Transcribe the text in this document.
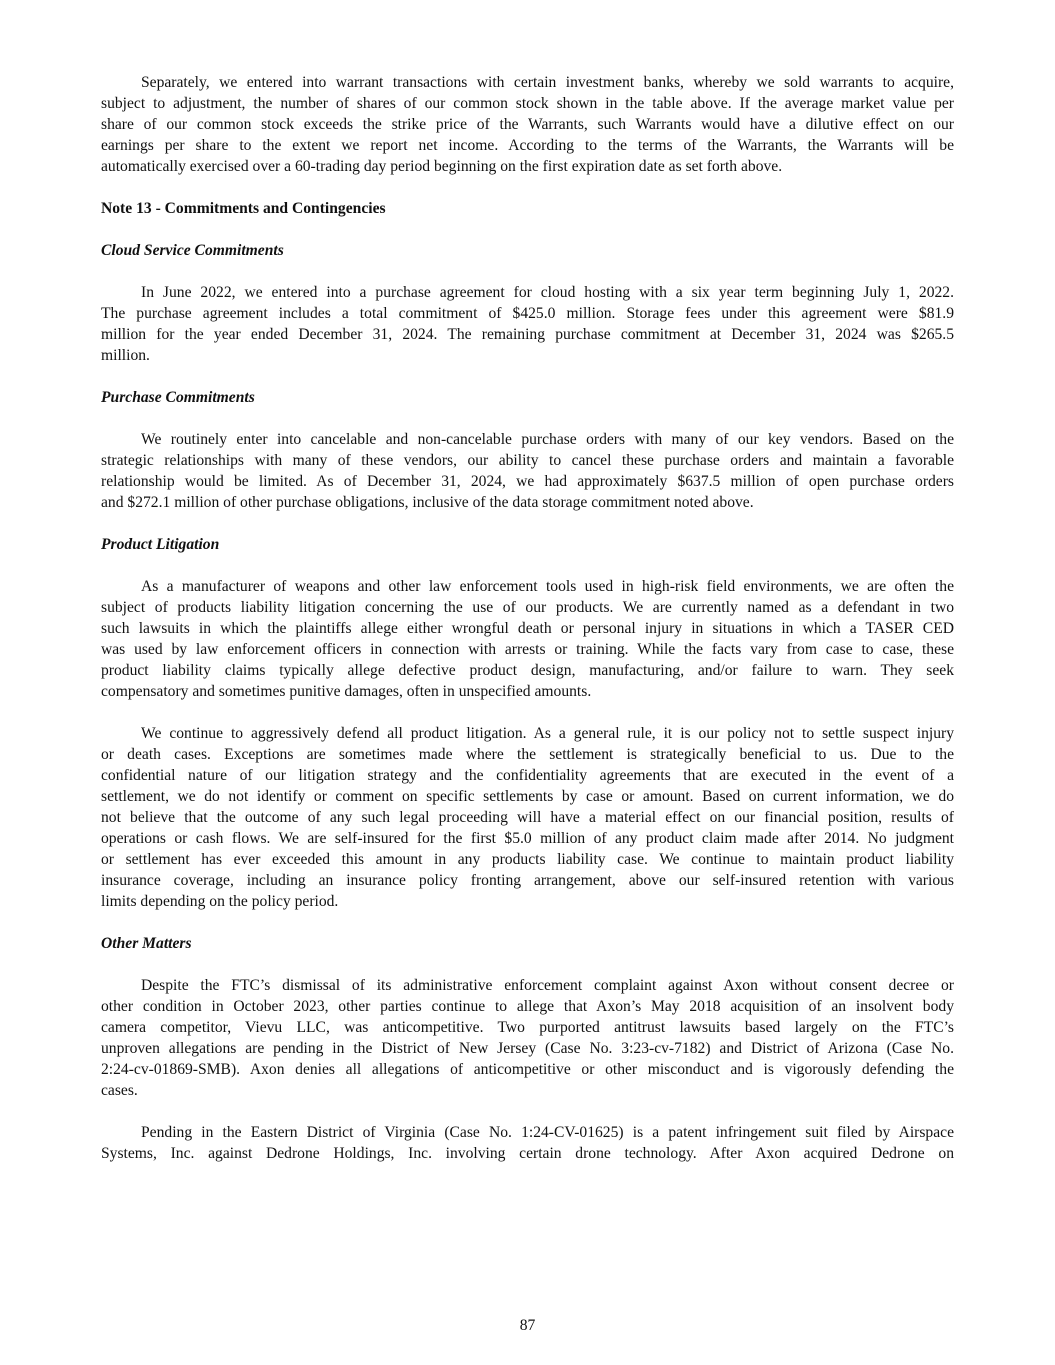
Separately, we entered into warrant transactions with certain investment banks, whereby we sold warrants to acquire,
subject to adjustment, the number of shares of our common stock shown in the table above. If the average market value per
share of our common stock exceeds the strike price of the Warrants, such Warrants would have a dilutive effect on our
earnings per share to the extent we report net income. According to the terms of the Warrants, the Warrants will be
automatically exercised over a 60-trading day period beginning on the first expiration date as set forth above.
Note 13 - Commitments and Contingencies
Cloud Service Commitments
In June 2022, we entered into a purchase agreement for cloud hosting with a six year term beginning July 1, 2022.
The purchase agreement includes a total commitment of $425.0 million. Storage fees under this agreement were $81.9
million for the year ended December 31, 2024. The remaining purchase commitment at December 31, 2024 was $265.5
million.
Purchase Commitments
We routinely enter into cancelable and non-cancelable purchase orders with many of our key vendors. Based on the
strategic relationships with many of these vendors, our ability to cancel these purchase orders and maintain a favorable
relationship would be limited. As of December 31, 2024, we had approximately $637.5 million of open purchase orders
and $272.1 million of other purchase obligations, inclusive of the data storage commitment noted above.
Product Litigation
As a manufacturer of weapons and other law enforcement tools used in high-risk field environments, we are often the
subject of products liability litigation concerning the use of our products. We are currently named as a defendant in two
such lawsuits in which the plaintiffs allege either wrongful death or personal injury in situations in which a TASER CED
was used by law enforcement officers in connection with arrests or training. While the facts vary from case to case, these
product liability claims typically allege defective product design, manufacturing, and/or failure to warn. They seek
compensatory and sometimes punitive damages, often in unspecified amounts.
We continue to aggressively defend all product litigation. As a general rule, it is our policy not to settle suspect injury
or death cases. Exceptions are sometimes made where the settlement is strategically beneficial to us. Due to the
confidential nature of our litigation strategy and the confidentiality agreements that are executed in the event of a
settlement, we do not identify or comment on specific settlements by case or amount. Based on current information, we do
not believe that the outcome of any such legal proceeding will have a material effect on our financial position, results of
operations or cash flows. We are self-insured for the first $5.0 million of any product claim made after 2014. No judgment
or settlement has ever exceeded this amount in any products liability case. We continue to maintain product liability
insurance coverage, including an insurance policy fronting arrangement, above our self-insured retention with various
limits depending on the policy period.
Other Matters
Despite the FTC’s dismissal of its administrative enforcement complaint against Axon without consent decree or
other condition in October 2023, other parties continue to allege that Axon’s May 2018 acquisition of an insolvent body
camera competitor, Vievu LLC, was anticompetitive. Two purported antitrust lawsuits based largely on the FTC’s
unproven allegations are pending in the District of New Jersey (Case No. 3:23-cv-7182) and District of Arizona (Case No.
2:24-cv-01869-SMB). Axon denies all allegations of anticompetitive or other misconduct and is vigorously defending the
cases.
Pending in the Eastern District of Virginia (Case No. 1:24-CV-01625) is a patent infringement suit filed by Airspace
Systems, Inc. against Dedrone Holdings, Inc. involving certain drone technology. After Axon acquired Dedrone on
87
